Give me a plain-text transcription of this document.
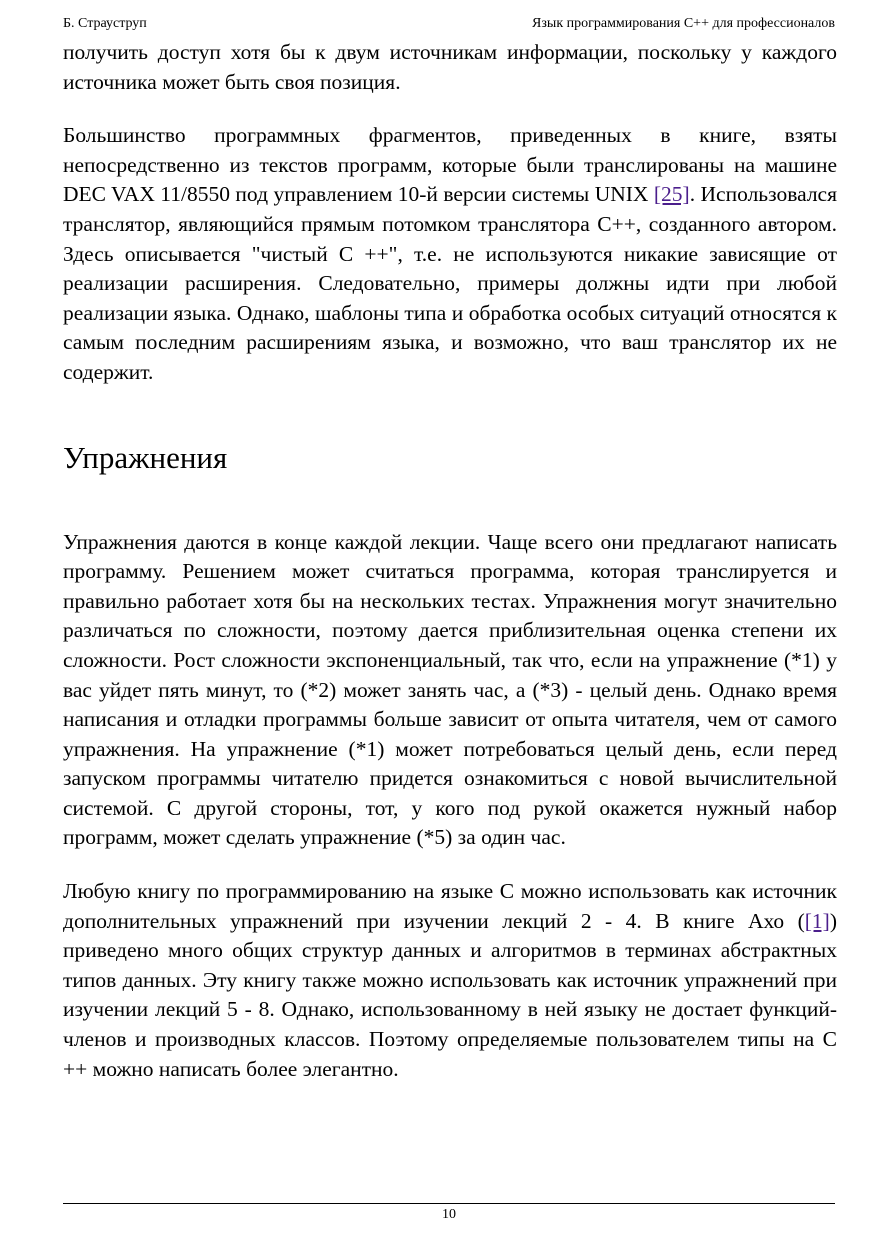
Б. Страуструп	Язык программирования С++ для профессионалов

получить доступ хотя бы к двум источникам информации, поскольку у каждого источника может быть своя позиция.

Большинство программных фрагментов, приведенных в книге, взяты непосредственно из текстов программ, которые были транслированы на машине DEC VAX 11/8550 под управлением 10-й версии системы UNIX [25]. Использовался транслятор, являющийся прямым потомком транслятора С++, созданного автором. Здесь описывается "чистый С ++", т.е. не используются никакие зависящие от реализации расширения. Следовательно, примеры должны идти при любой реализации языка. Однако, шаблоны типа и обработка особых ситуаций относятся к самым последним расширениям языка, и возможно, что ваш транслятор их не содержит.

Упражнения

Упражнения даются в конце каждой лекции. Чаще всего они предлагают написать программу. Решением может считаться программа, которая транслируется и правильно работает хотя бы на нескольких тестах. Упражнения могут значительно различаться по сложности, поэтому дается приблизительная оценка степени их сложности. Рост сложности экспоненциальный, так что, если на упражнение (*1) у вас уйдет пять минут, то (*2) может занять час, а (*3) - целый день. Однако время написания и отладки программы больше зависит от опыта читателя, чем от самого упражнения. На упражнение (*1) может потребоваться целый день, если перед запуском программы читателю придется ознакомиться с новой вычислительной системой. С другой стороны, тот, у кого под рукой окажется нужный набор программ, может сделать упражнение (*5) за один час.

Любую книгу по программированию на языке С можно использовать как источник дополнительных упражнений при изучении лекций 2 - 4. В книге Ахо ([1]) приведено много общих структур данных и алгоритмов в терминах абстрактных типов данных. Эту книгу также можно использовать как источник упражнений при изучении лекций 5 - 8. Однако, использованному в ней языку не достает функций-членов и производных классов. Поэтому определяемые пользователем типы на С ++ можно написать более элегантно.

10
